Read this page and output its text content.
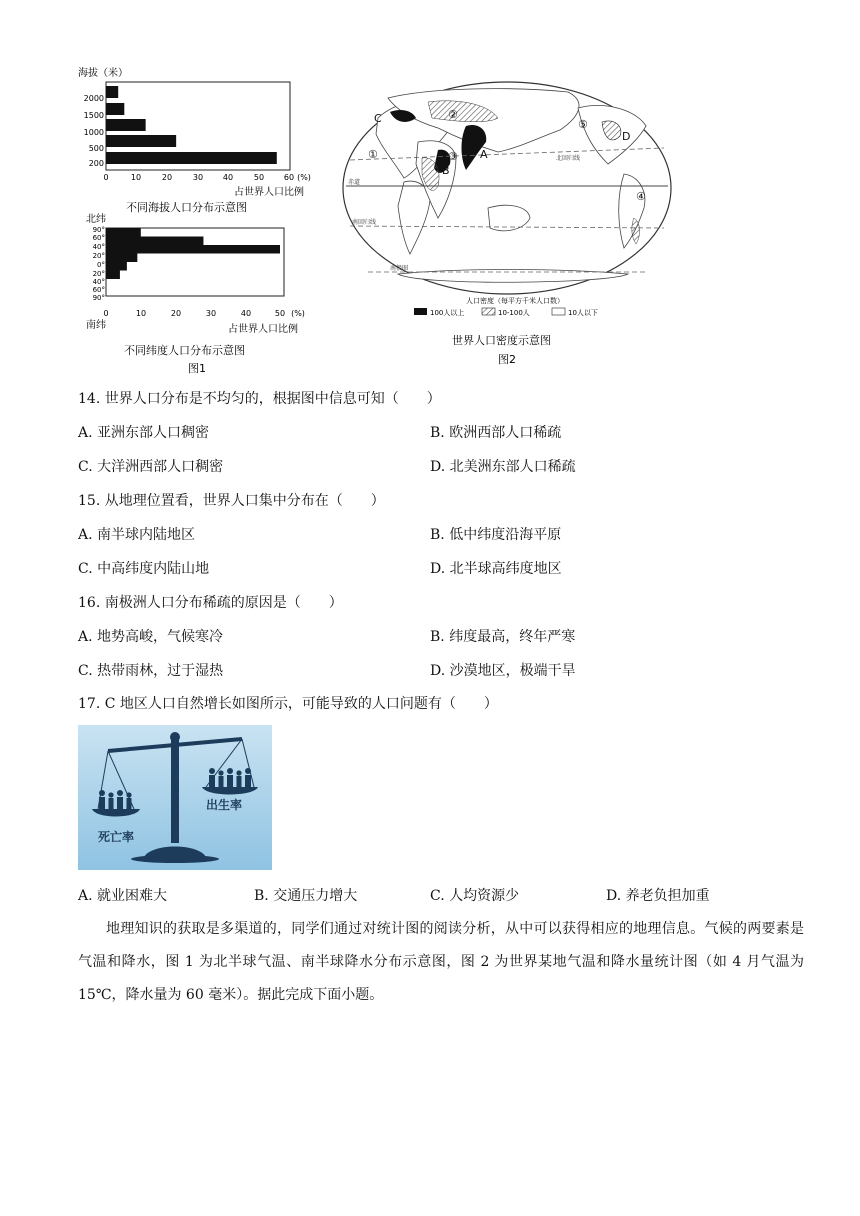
海拔（米）
2000
1500
1000
500
200
0	10	20	30 40	50 60 (%)
占世界人口比例
不同海拔人口分布示意图
北纬
90°
60°
40°
20°
0°
20°
40°
60°
90°
0	10	20	30	40	50 (%)
南纬	占世界人口比例
不同纬度人口分布示意图
图1
北回归线
赤道
南回归线
南极圈
C
D
A
B
①
②
③
④
⑤
人口密度（每平方千米人口数）
100人以上	10-100人	10人以下
世界人口密度示意图
图2
14. 世界人口分布是不均匀的，根据图中信息可知（　　）
A. 亚洲东部人口稠密	B. 欧洲西部人口稀疏
C. 大洋洲西部人口稠密	D. 北美洲东部人口稀疏
15. 从地理位置看，世界人口集中分布在（　　）
A. 南半球内陆地区	B. 低中纬度沿海平原
C. 中高纬度内陆山地	D. 北半球高纬度地区
16. 南极洲人口分布稀疏的原因是（　　）
A. 地势高峻，气候寒冷	B. 纬度最高，终年严寒
C. 热带雨林，过于湿热	D. 沙漠地区，极端干旱
17. C 地区人口自然增长如图所示，可能导致的人口问题有（　　）
出生率
死亡率
A. 就业困难大	B. 交通压力增大	C. 人均资源少	D. 养老负担加重
地理知识的获取是多渠道的，同学们通过对统计图的阅读分析，从中可以获得相应的地理信息。气候的两要素是气温和降水，图 1 为北半球气温、南半球降水分布示意图，图 2 为世界某地气温和降水量统计图（如 4 月气温为 15℃，降水量为 60 毫米）。据此完成下面小题。
